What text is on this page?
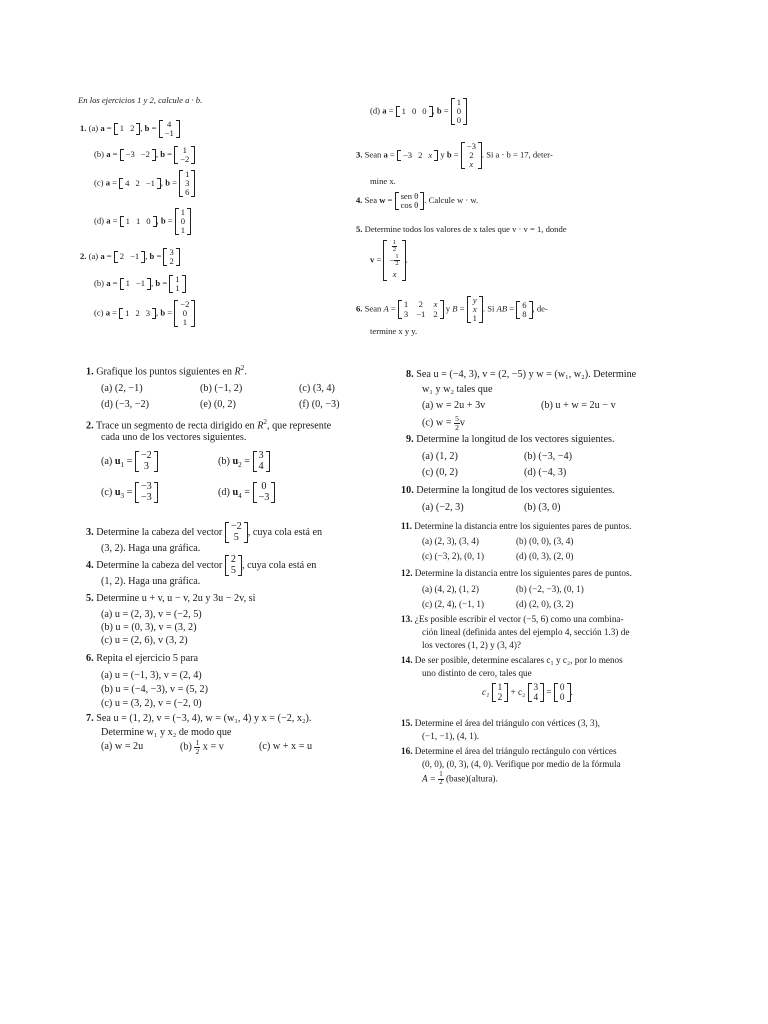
En los ejercicios 1 y 2, calcule a · b.
1. (a) a = 1 2 , b = 4
−1
(b) a = −3 −2 , b = 1
−2
(c) a = 4 2 −1 , b =
1
3
6
(d) a = 1 1 0 , b =
1
0
1
2. (a) a = 2 −1 , b = 3
2
(b) a = 1 −1 , b = 1
1
(c) a = 1 2 3 , b =
−2
0
1
(d) a = 1 0 0 , b =
1
0
0
3. Sean a = −3 2 x y b =
−3
2
x
. Si a · b = 17, deter-
mine x.
4. Sea w = sen θ
cos θ
. Calcule w · w.
5. Determine todos los valores de x tales que v · v = 1, donde
v =
$\frac{1}{2}$
− $\frac{1}{2}$
x
.
6. Sean A = 1 2 x
3 −1 2
y B =
y
x
1
. Si AB = 6
8
, de-
termine x y y.
1. Grafique los puntos siguientes en $R^2$.
(a) (2, −1)	(b) (−1, 2)	(c) (3, 4)
(d) (−3, −2)	(e) (0, 2)	(f) (0, −3)
2. Trace un segmento de recta dirigido en $R^2$, que represente
cada uno de los vectores siguientes.
(a) $u_1$ =
−2
3	(b) $u_2$ =
3
4
(c) $u_3$ =
−3
−3	(d) $u_4$ =
0
−3
3. Determine la cabeza del vector
−2
5 , cuya cola está en
(3, 2). Haga una gráfica.
4. Determine la cabeza del vector
2
5 , cuya cola está en
(1, 2). Haga una gráfica.
5. Determine u + v, u − v, 2u y 3u − 2v, si
(a) u = (2, 3), v = (−2, 5)
(b) u = (0, 3), v = (3, 2)
(c) u = (2, 6), v (3, 2)
6. Repita el ejercicio 5 para
(a) u = (−1, 3), v = (2, 4)
(b) u = (−4, −3), v = (5, 2)
(c) u = (3, 2), v = (−2, 0)
7. Sea u = (1, 2), v = (−3, 4), w = (w₁, 4) y x = (−2, x₂).
Determine w₁ y x₂ de modo que
(a) w = 2u	$(b) \frac{1}{2}$ x = v	(c) w + x = u
8. Sea u = (−4, 3), v = (2, −5) y w = (w₁, w₂). Determine
w₁ y w₂ tales que
(a) w = 2u + 3v	(b) u + w = 2u − v
(c) $w = \frac{5}{2}$ v
9. Determine la longitud de los vectores siguientes.
(a) (1, 2)	(b) (−3, −4)
(c) (0, 2)	(d) (−4, 3)
10. Determine la longitud de los vectores siguientes.
(a) (−2, 3)	(b) (3, 0)
11. Determine la distancia entre los siguientes pares de puntos.
(a) (2, 3), (3, 4)	(b) (0, 0), (3, 4)
(c) (−3, 2), (0, 1)	(d) (0, 3), (2, 0)
12. Determine la distancia entre los siguientes pares de puntos.
(a) (4, 2), (1, 2)	(b) (−2, −3), (0, 1)
(c) (2, 4), (−1, 1)	(d) (2, 0), (3, 2)
13. ¿Es posible escribir el vector (−5, 6) como una combina-
ción lineal (definida antes del ejemplo 4, sección 1.3) de
los vectores (1, 2) y (3, 4)?
14. De ser posible, determine escalares c₁ y c₂, por lo menos
uno distinto de cero, tales que
c₁ 1
2 + c₂ 3
4 = 0
0 .
15. Determine el área del triángulo con vértices (3, 3),
(−1, −1), (4, 1).
16. Determine el área del triángulo rectángulo con vértices
(0, 0), (0, 3), (4, 0). Verifique por medio de la fórmula
$A = \frac{1}{2}$ (base)(altura).
